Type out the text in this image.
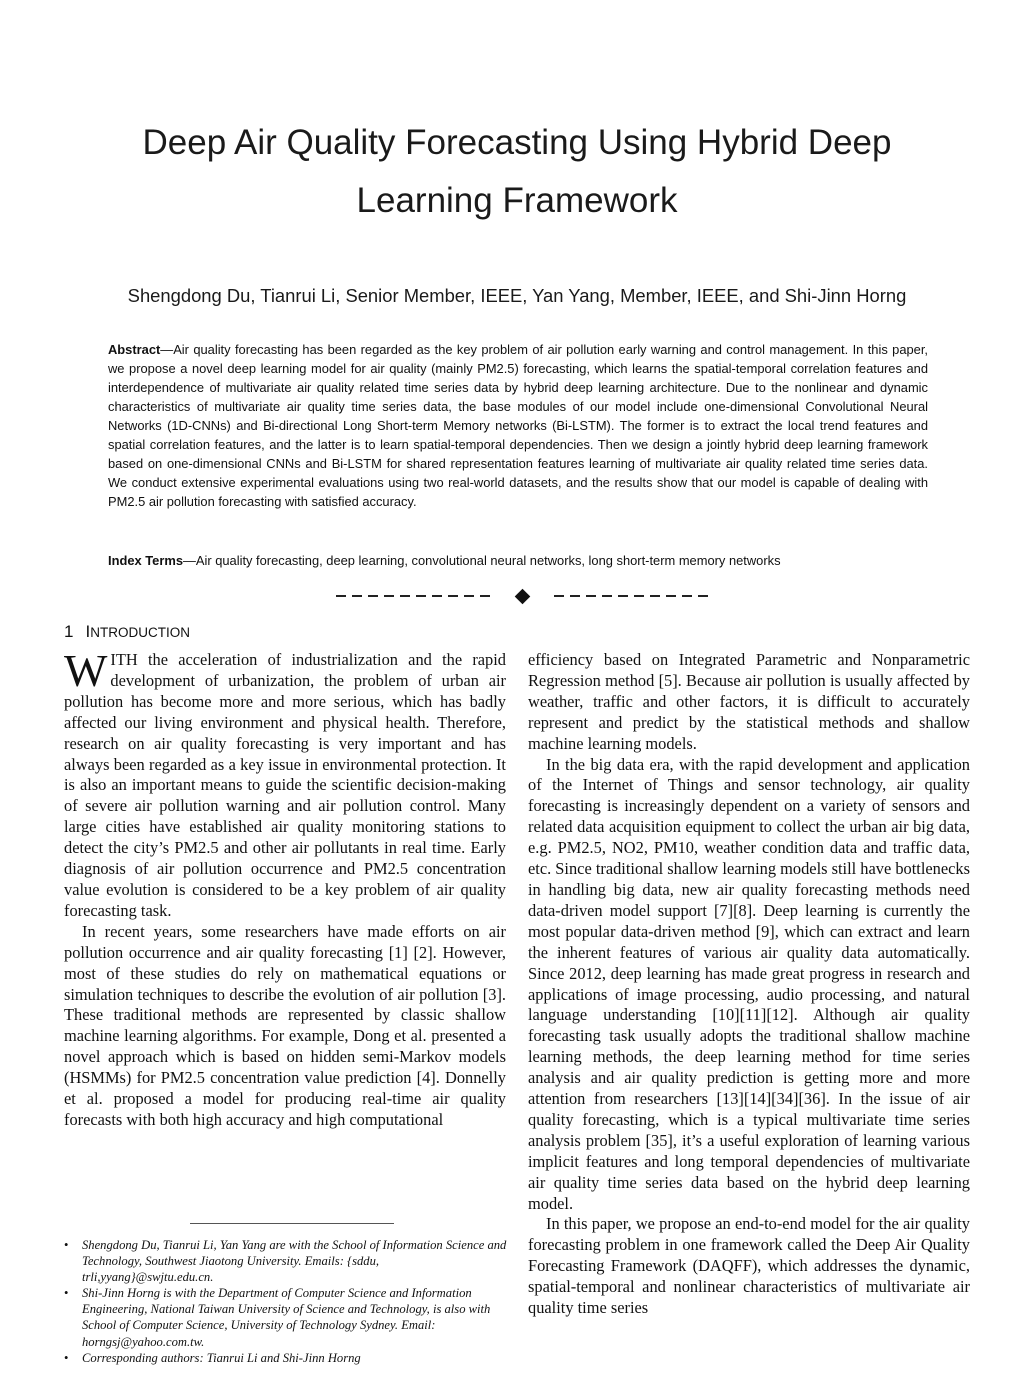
Deep Air Quality Forecasting Using Hybrid Deep
Learning Framework

Shengdong Du, Tianrui Li, Senior Member, IEEE, Yan Yang, Member, IEEE, and Shi-Jinn Horng

Abstract—Air quality forecasting has been regarded as the key problem of air pollution early warning and control management. In this paper, we propose a novel deep learning model for air quality (mainly PM2.5) forecasting, which learns the spatial-temporal correlation features and interdependence of multivariate air quality related time series data by hybrid deep learning architecture. Due to the nonlinear and dynamic characteristics of multivariate air quality time series data, the base modules of our model include one-dimensional Convolutional Neural Networks (1D-CNNs) and Bi-directional Long Short-term Memory networks (Bi-LSTM). The former is to extract the local trend features and spatial correlation features, and the latter is to learn spatial-temporal dependencies. Then we design a jointly hybrid deep learning framework based on one-dimensional CNNs and Bi-LSTM for shared representation features learning of multivariate air quality related time series data. We conduct extensive experimental evaluations using two real-world datasets, and the results show that our model is capable of dealing with PM2.5 air pollution forecasting with satisfied accuracy.

Index Terms—Air quality forecasting, deep learning, convolutional neural networks, long short-term memory networks

1 INTRODUCTION

WITH the acceleration of industrialization and the rapid development of urbanization, the problem of urban air pollution has become more and more serious, which has badly affected our living environment and physical health. Therefore, research on air quality forecasting is very important and has always been regarded as a key issue in environmental protection. It is also an important means to guide the scientific decision-making of severe air pollution warning and air pollution control. Many large cities have established air quality monitoring stations to detect the city’s PM2.5 and other air pollutants in real time. Early diagnosis of air pollution occurrence and PM2.5 concentration value evolution is considered to be a key problem of air quality forecasting task.

In recent years, some researchers have made efforts on air pollution occurrence and air quality forecasting [1] [2]. However, most of these studies do rely on mathematical equations or simulation techniques to describe the evolution of air pollution [3]. These traditional methods are represented by classic shallow machine learning algorithms. For example, Dong et al. presented a novel approach which is based on hidden semi-Markov models (HSMMs) for PM2.5 concentration value prediction [4]. Donnelly et al. proposed a model for producing real-time air quality forecasts with both high accuracy and high computational

efficiency based on Integrated Parametric and Nonparametric Regression method [5]. Because air pollution is usually affected by weather, traffic and other factors, it is difficult to accurately represent and predict by the statistical methods and shallow machine learning models.

In the big data era, with the rapid development and application of the Internet of Things and sensor technology, air quality forecasting is increasingly dependent on a variety of sensors and related data acquisition equipment to collect the urban air big data, e.g. PM2.5, NO2, PM10, weather condition data and traffic data, etc. Since traditional shallow learning models still have bottlenecks in handling big data, new air quality forecasting methods need data-driven model support [7][8]. Deep learning is currently the most popular data-driven method [9], which can extract and learn the inherent features of various air quality data automatically. Since 2012, deep learning has made great progress in research and applications of image processing, audio processing, and natural language understanding [10][11][12]. Although air quality forecasting task usually adopts the traditional shallow machine learning methods, the deep learning method for time series analysis and air quality prediction is getting more and more attention from researchers [13][14][34][36]. In the issue of air quality forecasting, which is a typical multivariate time series analysis problem [35], it’s a useful exploration of learning various implicit features and long temporal dependencies of multivariate air quality time series data based on the hybrid deep learning model.

In this paper, we propose an end-to-end model for the air quality forecasting problem in one framework called the Deep Air Quality Forecasting Framework (DAQFF), which addresses the dynamic, spatial-temporal and nonlinear characteristics of multivariate air quality time series

• Shengdong Du, Tianrui Li, Yan Yang are with the School of Information Science and Technology, Southwest Jiaotong University. Emails: {sddu, trli,yyang}@swjtu.edu.cn.
• Shi-Jinn Horng is with the Department of Computer Science and Information Engineering, National Taiwan University of Science and Technology, is also with School of Computer Science, University of Technology Sydney. Email: horngsj@yahoo.com.tw.
• Corresponding authors: Tianrui Li and Shi-Jinn Horng
